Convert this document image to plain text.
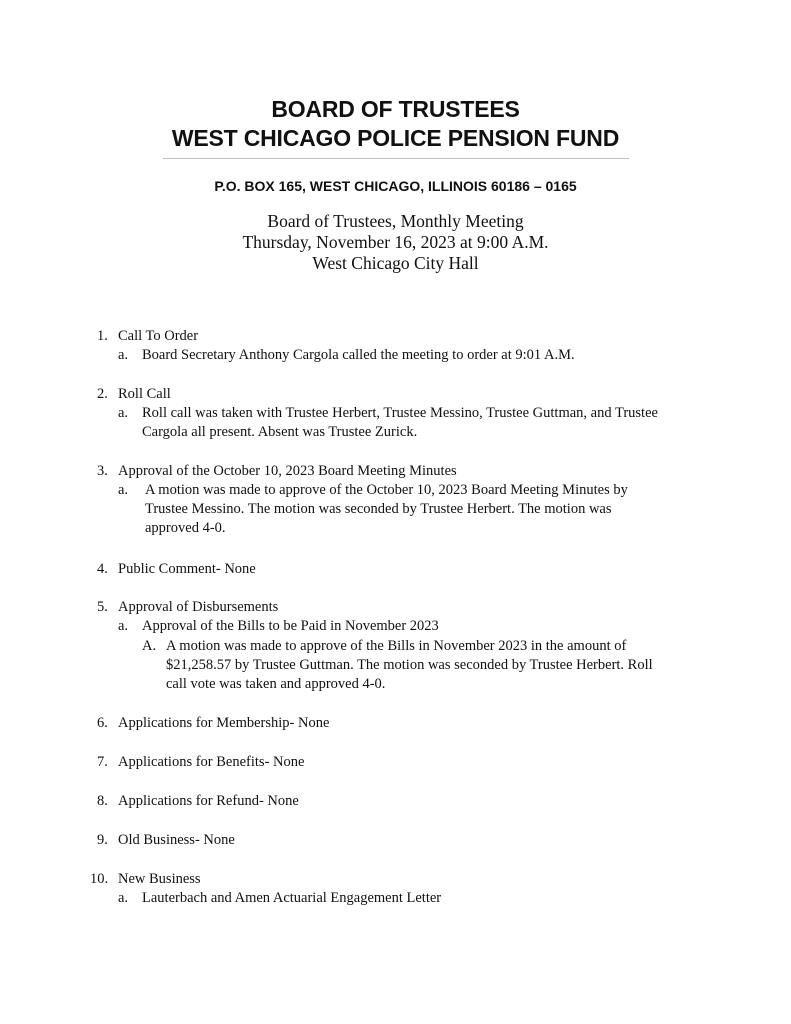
BOARD OF TRUSTEES
WEST CHICAGO POLICE PENSION FUND
P.O. BOX 165, WEST CHICAGO, ILLINOIS 60186 – 0165
Board of Trustees, Monthly Meeting
Thursday, November 16, 2023 at 9:00 A.M.
West Chicago City Hall
1. Call To Order
a. Board Secretary Anthony Cargola called the meeting to order at 9:01 A.M.
2. Roll Call
a. Roll call was taken with Trustee Herbert, Trustee Messino, Trustee Guttman, and Trustee
Cargola all present. Absent was Trustee Zurick.
3. Approval of the October 10, 2023 Board Meeting Minutes
a. A motion was made to approve of the October 10, 2023 Board Meeting Minutes by
Trustee Messino. The motion was seconded by Trustee Herbert. The motion was
approved 4-0.
4. Public Comment- None
5. Approval of Disbursements
a. Approval of the Bills to be Paid in November 2023
A. A motion was made to approve of the Bills in November 2023 in the amount of
$21,258.57 by Trustee Guttman. The motion was seconded by Trustee Herbert. Roll
call vote was taken and approved 4-0.
6. Applications for Membership- None
7. Applications for Benefits- None
8. Applications for Refund- None
9. Old Business- None
10. New Business
a. Lauterbach and Amen Actuarial Engagement Letter
